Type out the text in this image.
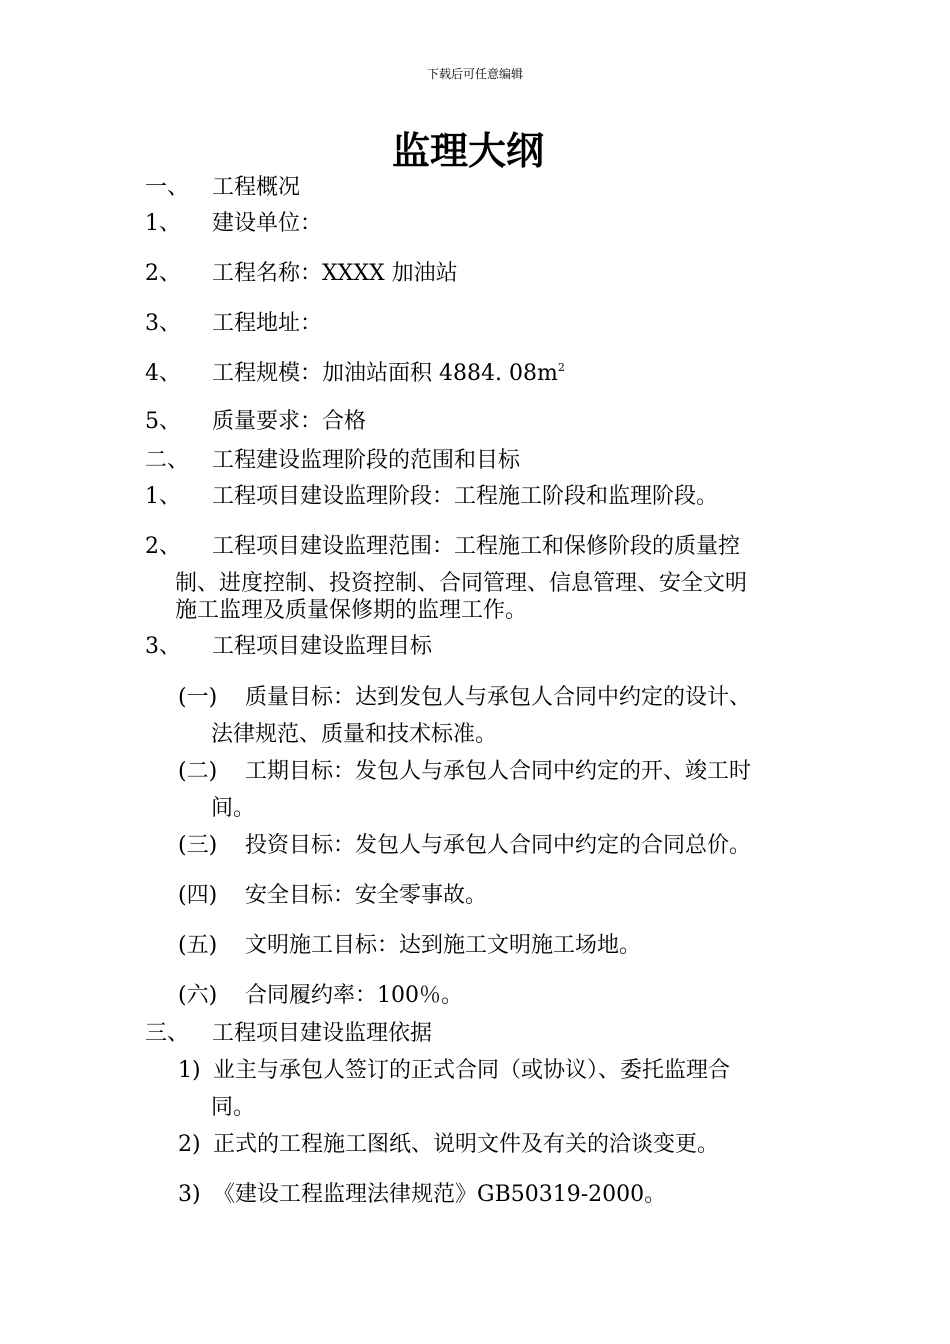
下载后可任意编辑
监理大纲
一、 工程概况
1、 建设单位：
2、 工程名称：XXXX 加油站
3、 工程地址：
4、 工程规模：加油站面积 4884. $08m^2$
5、 质量要求：合格
二、 工程建设监理阶段的范围和目标
1、 工程项目建设监理阶段：工程施工阶段和监理阶段。
2、 工程项目建设监理范围：工程施工和保修阶段的质量控
制、进度控制、投资控制、合同管理、信息管理、安全文明
施工监理及质量保修期的监理工作。
3、 工程项目建设监理目标
(一) 质量目标：达到发包人与承包人合同中约定的设计、
法律规范、质量和技术标准。
(二) 工期目标：发包人与承包人合同中约定的开、竣工时
间。
(三) 投资目标：发包人与承包人合同中约定的合同总价。
(四) 安全目标：安全零事故。
(五) 文明施工目标：达到施工文明施工场地。
(六) 合同履约率：100％。
三、 工程项目建设监理依据
1) 业主与承包人签订的正式合同（或协议）、委托监理合
同。
2) 正式的工程施工图纸、说明文件及有关的洽谈变更。
3) 《建设工程监理法律规范》GB50319-2000。
